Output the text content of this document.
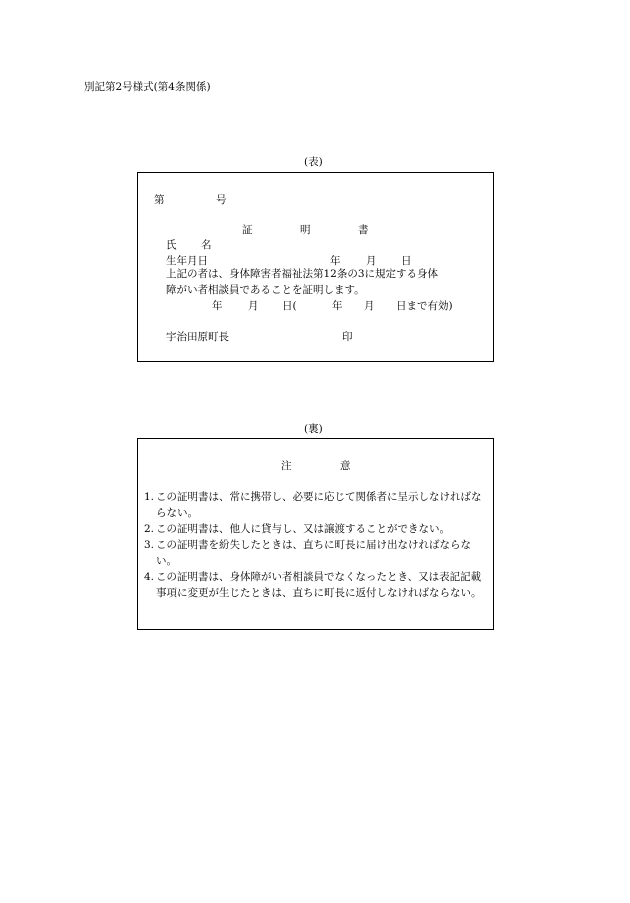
別記第2号様式(第4条関係)
(表)
第	号
証	明	書
氏 名
生年月日	年 月 日
上記の者は、身体障害者福祉法第12条の3に規定する身体
障がい者相談員であることを証明します。
年 月 日(	年 月 日まで有効)
宇治田原町長	印
(裏)
注	意
1. この証明書は、常に携帯し、必要に応じて関係者に呈示しなければならない。
2. この証明書は、他人に貸与し、又は譲渡することができない。
3. この証明書を紛失したときは、直ちに町長に届け出なければならない。
4. この証明書は、身体障がい者相談員でなくなったとき、又は表記記載事項に変更が生じたときは、直ちに町長に返付しなければならない。
